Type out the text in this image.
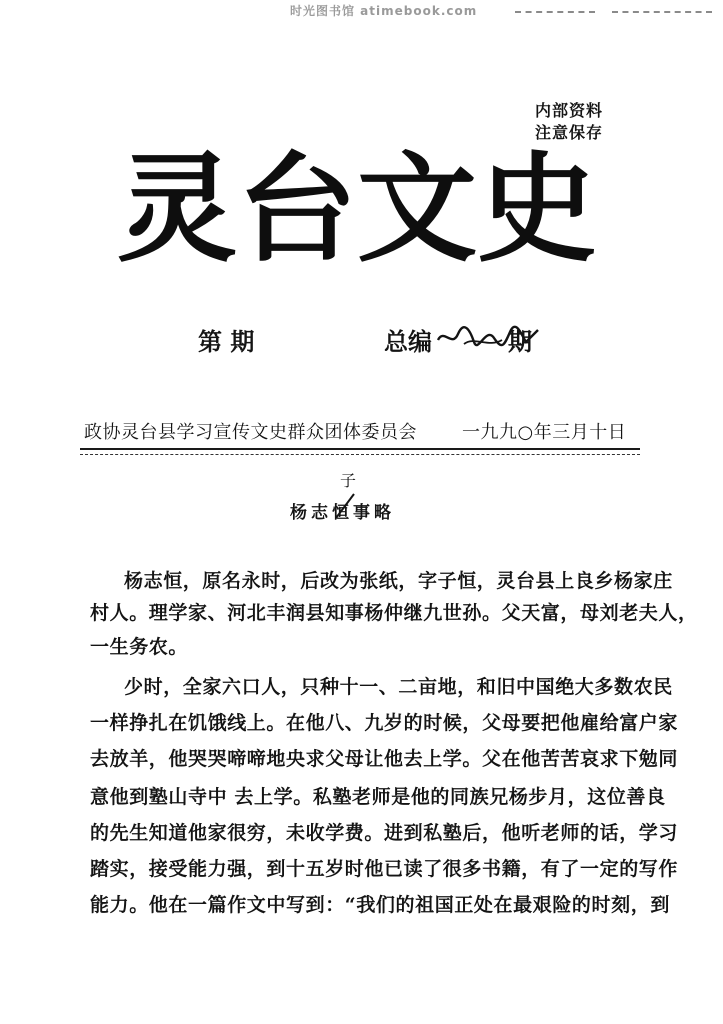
时光图书馆 atimebook.com
内部资料
注意保存
灵台文史
第 期	总编	期
政协灵台县学习宣传文史群众团体委员会	一九九○年三月十日
子
杨志恒事略
杨志恒，原名永时，后改为张纸，字子恒，灵台县上良乡杨家庄
村人。理学家、河北丰润县知事杨仲继九世孙。父天富，母刘老夫人，
一生务农。
少时，全家六口人，只种十一、二亩地，和旧中国绝大多数农民
一样挣扎在饥饿线上。在他八、九岁的时候，父母要把他雇给富户家
去放羊，他哭哭啼啼地央求父母让他去上学。父在他苦苦哀求下勉同
意他到塾山寺中 去上学。私塾老师是他的同族兄杨步月，这位善良
的先生知道他家很穷，未收学费。进到私塾后，他听老师的话，学习
踏实，接受能力强，到十五岁时他已读了很多书籍，有了一定的写作
能力。他在一篇作文中写到：“我们的祖国正处在最艰险的时刻，到
